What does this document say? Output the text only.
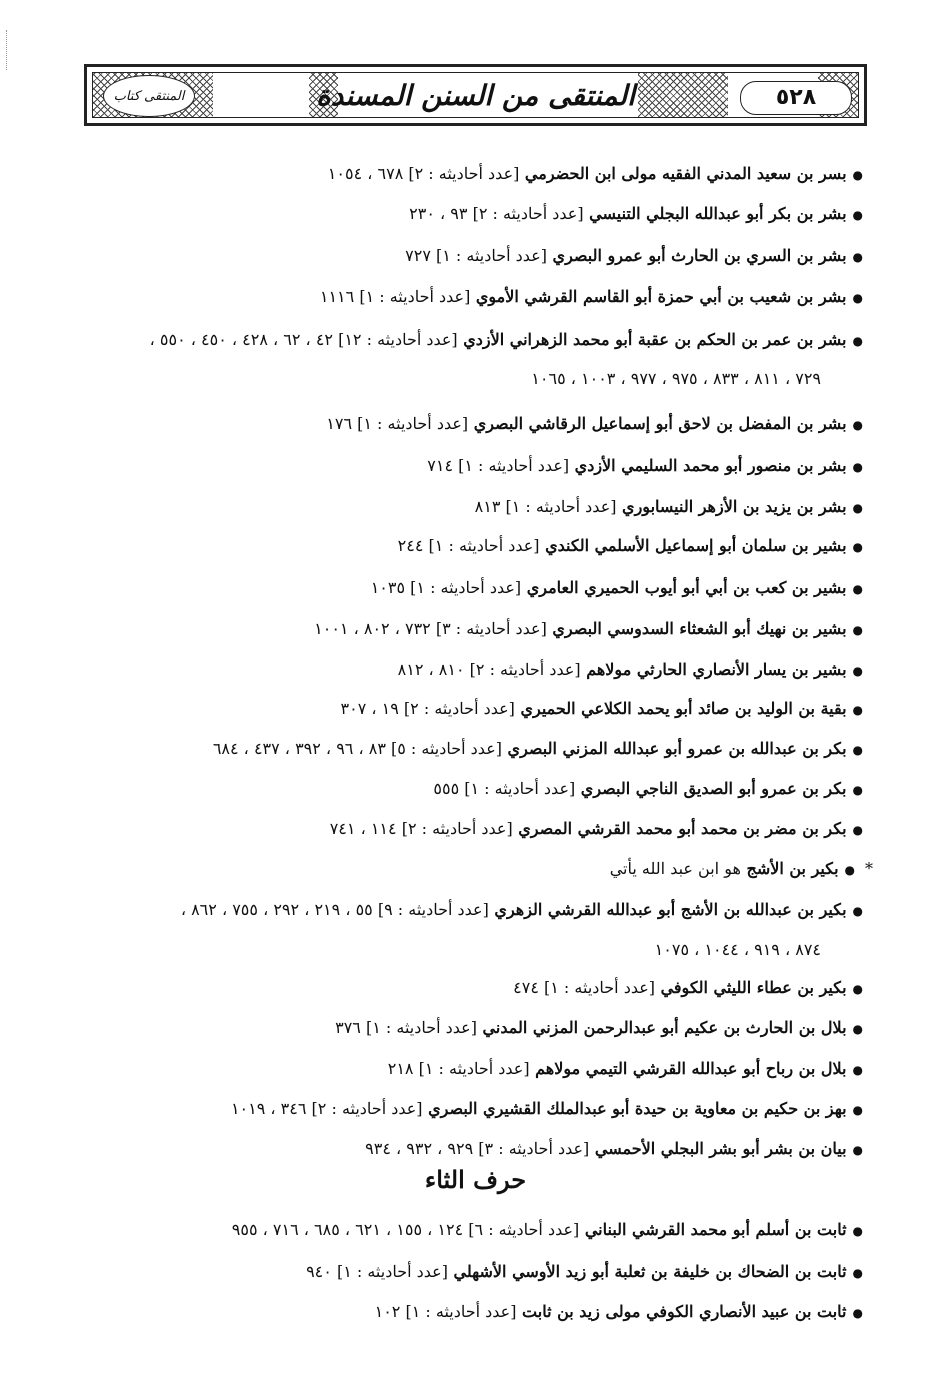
المنتقى من السنن المسندة	٥٢٨
المنتقى كتاب
●بسر بن سعيد المدني الفقيه مولى ابن الحضرمي [عدد أحاديثه : ٢] ٦٧٨ ، ١٠٥٤
●بشر بن بكر أبو عبدالله البجلي التنيسي [عدد أحاديثه : ٢] ٩٣ ، ٢٣٠
●بشر بن السري بن الحارث أبو عمرو البصري [عدد أحاديثه : ١] ٧٢٧
●بشر بن شعيب بن أبي حمزة أبو القاسم القرشي الأموي [عدد أحاديثه : ١] ١١١٦
●بشر بن عمر بن الحكم بن عقبة أبو محمد الزهراني الأزدي [عدد أحاديثه : ١٢] ٤٢ ، ٦٢ ، ٤٢٨ ، ٤٥٠ ، ٥٥٠ ،
٧٢٩ ، ٨١١ ، ٨٣٣ ، ٩٧٥ ، ٩٧٧ ، ١٠٠٣ ، ١٠٦٥
●بشر بن المفضل بن لاحق أبو إسماعيل الرقاشي البصري [عدد أحاديثه : ١] ١٧٦
●بشر بن منصور أبو محمد السليمي الأزدي [عدد أحاديثه : ١] ٧١٤
●بشر بن يزيد بن الأزهر النيسابوري [عدد أحاديثه : ١] ٨١٣
●بشير بن سلمان أبو إسماعيل الأسلمي الكندي [عدد أحاديثه : ١] ٢٤٤
●بشير بن كعب بن أبي أبو أيوب الحميري العامري [عدد أحاديثه : ١] ١٠٣٥
●بشير بن نهيك أبو الشعثاء السدوسي البصري [عدد أحاديثه : ٣] ٧٣٢ ، ٨٠٢ ، ١٠٠١
●بشير بن يسار الأنصاري الحارثي مولاهم [عدد أحاديثه : ٢] ٨١٠ ، ٨١٢
●بقية بن الوليد بن صائد أبو يحمد الكلاعي الحميري [عدد أحاديثه : ٢] ١٩ ، ٣٠٧
●بكر بن عبدالله بن عمرو أبو عبدالله المزني البصري [عدد أحاديثه : ٥] ٨٣ ، ٩٦ ، ٣٩٢ ، ٤٣٧ ، ٦٨٤
●بكر بن عمرو أبو الصديق الناجي البصري [عدد أحاديثه : ١] ٥٥٥
●بكر بن مضر بن محمد أبو محمد القرشي المصري [عدد أحاديثه : ٢] ١١٤ ، ٧٤١
●بكير بن الأشج هو ابن عبد الله يأتي	*
●بكير بن عبدالله بن الأشج أبو عبدالله القرشي الزهري [عدد أحاديثه : ٩] ٥٥ ، ٢١٩ ، ٢٩٢ ، ٧٥٥ ، ٨٦٢ ،
٨٧٤ ، ٩١٩ ، ١٠٤٤ ، ١٠٧٥
●بكير بن عطاء الليثي الكوفي [عدد أحاديثه : ١] ٤٧٤
●بلال بن الحارث بن عكيم أبو عبدالرحمن المزني المدني [عدد أحاديثه : ١] ٣٧٦
●بلال بن رباح أبو عبدالله القرشي التيمي مولاهم [عدد أحاديثه : ١] ٢١٨
●بهز بن حكيم بن معاوية بن حيدة أبو عبدالملك القشيري البصري [عدد أحاديثه : ٢] ٣٤٦ ، ١٠١٩
●بيان بن بشر أبو بشر البجلي الأحمسي [عدد أحاديثه : ٣] ٩٢٩ ، ٩٣٢ ، ٩٣٤
حرف الثاء
●ثابت بن أسلم أبو محمد القرشي البناني [عدد أحاديثه : ٦] ١٢٤ ، ١٥٥ ، ٦٢١ ، ٦٨٥ ، ٧١٦ ، ٩٥٥
●ثابت بن الضحاك بن خليفة بن ثعلبة أبو زيد الأوسي الأشهلي [عدد أحاديثه : ١] ٩٤٠
●ثابت بن عبيد الأنصاري الكوفي مولى زيد بن ثابت [عدد أحاديثه : ١] ١٠٢
